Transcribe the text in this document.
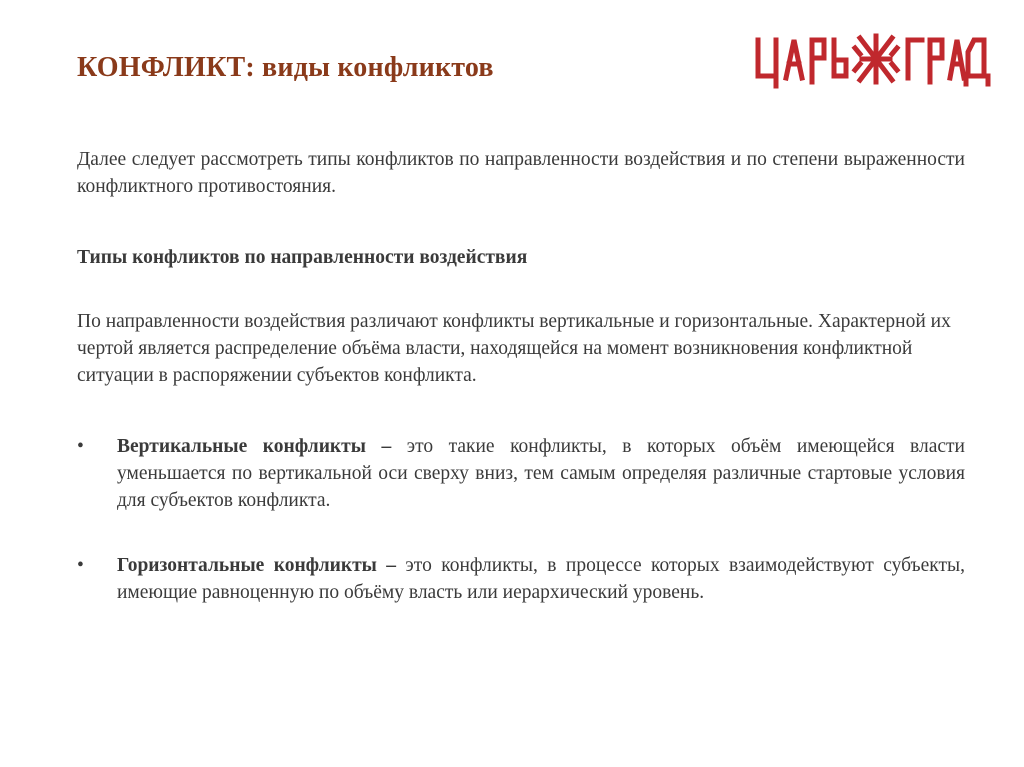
КОНФЛИКТ: виды конфликтов

Далее следует рассмотреть типы конфликтов по направленности воздействия и по степени выраженности конфликтного противостояния.

Типы конфликтов по направленности воздействия

По направленности воздействия различают конфликты вертикальные и горизонтальные. Характерной их чертой является распределение объёма власти, находящейся на момент возникновения конфликтной ситуации в распоряжении субъектов конфликта.

• Вертикальные конфликты – это такие конфликты, в которых объём имеющейся власти уменьшается по вертикальной оси сверху вниз, тем самым определяя различные стартовые условия для субъектов конфликта.
• Горизонтальные конфликты – это конфликты, в процессе которых взаимодействуют субъекты, имеющие равноценную по объёму власть или иерархический уровень.
